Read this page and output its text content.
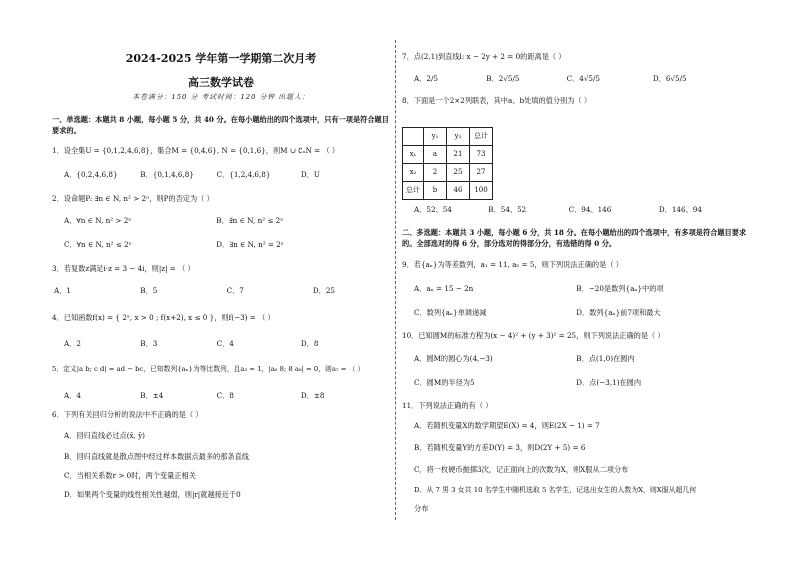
2024-2025 学年第一学期第二次月考
高三数学试卷
本卷满分：150 分 考试时间：120 分钟 出题人：
一、单选题：本题共 8 小题，每小题 5 分，共 40 分。在每小题给出的四个选项中，只有一项是符合题目要求的。
1．设全集U = {0,1,2,4,6,8}，集合M = {0,4,6}, N = {0,1,6}，则M ∪ ∁ᵤN = （ ）
A．{0,2,4,6,8}	B．{0,1,4,6,8}	C．{1,2,4,6,8}	D．U
2．设命题P: ∃n ∈ N, n² > 2ⁿ，则P的否定为（ ）
A．∀n ∈ N, n² > 2ⁿ	B．∃n ∈ N, n² ≤ 2ⁿ
C．∀n ∈ N, n² ≤ 2ⁿ	D．∃n ∈ N, n² = 2ⁿ
3．若复数z满足i·z = 3 − 4i，则|z| = （ ）
A．1	B．5	C．7	D．25
4．已知函数f(x) = { 2ˣ, x > 0 ; f(x+2), x ≤ 0 }，则f(−3) = （ ）
A．2	B．3	C．4	D．8
5．定义|a b; c d| = ad − bc，已知数列{aₙ}为等比数列，且a₃ = 1，|a₆ 8; 8 a₈| = 0，则a₇ = （ ）
A．4	B．±4	C．8	D．±8
6．下列有关回归分析的说法中不正确的是（ ）
A．回归直线必过点(x̄, ȳ)
B．回归直线就是散点图中经过样本数据点最多的那条直线
C．当相关系数r > 0时，两个变量正相关
D．如果两个变量的线性相关性越弱，则|r|就越接近于0
7．点(2,1)到直线l: x − 2y + 2 = 0的距离是（ ）
A．2/5	B．2√5/5	C．4√5/5	D．6√5/5
8．下面是一个2×2列联表，其中a、b处填的值分别为（ ）
	y₁	y₂	总计
x₁	a	21	73
x₂	2	25	27
总计	b	46	100
A．52、54	B．54、52	C．94、146	D．146、94
二、多选题：本题共 3 小题，每小题 6 分，共 18 分。在每小题给出的四个选项中，有多项是符合题目要求的。全部选对的得 6 分，部分选对的得部分分，有选错的得 0 分。
9．若{aₙ}为等差数列，a₁ = 11, a₅ = 5，则下列说法正确的是（ ）
A．aₙ = 15 − 2n	B．−20是数列{aₙ}中的项
C．数列{aₙ}单调递减	D．数列{aₙ}前7项和最大
10．已知圆M的标准方程为(x − 4)² + (y + 3)² = 25，则下列说法正确的是（ ）
A．圆M的圆心为(4,−3)	B．点(1,0)在圆内
C．圆M的半径为5	D．点(−3,1)在圆内
11．下列说法正确的有（ ）
A．若随机变量X的数学期望E(X) = 4，则E(2X − 1) = 7
B．若随机变量Y的方差D(Y) = 3，则D(2Y + 5) = 6
C．将一枚硬币抛掷3次，记正面向上的次数为X，则X服从二项分布
D．从 7 男 3 女共 10 名学生中随机选取 5 名学生，记选出女生的人数为X，则X服从超几何
分布
